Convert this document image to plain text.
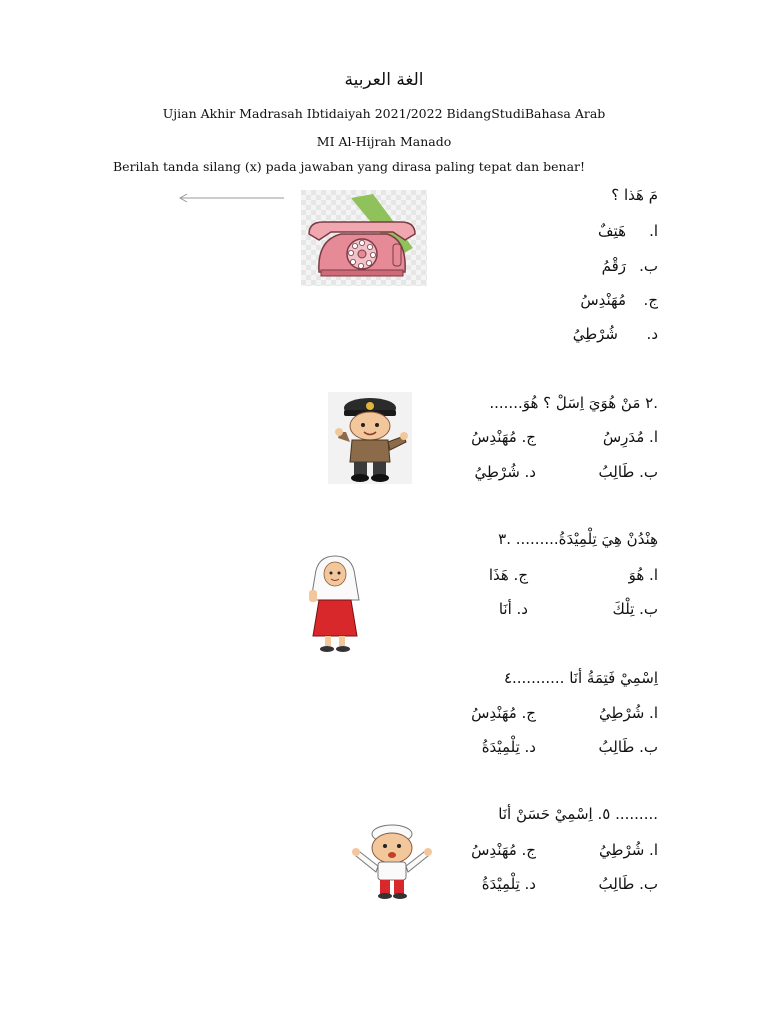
الغة العربية
Ujian Akhir Madrasah Ibtidaiyah 2021/2022 BidangStudiBahasa Arab
MI Al-Hijrah Manado
Berilah tanda silang (x) pada jawaban yang dirasa paling tepat dan benar!
مَ هَذا ؟
ا.
هَتِفٌ
ب.
رَقْمُ
ج.
مُهَنْدِسُ
د.
شُرْطِيُ
.٢ مَنْ هُوَيَ اِسَلْ ؟ هُوَ.......
ا. مُدَرِسُ
ج. مُهَنْدِسُ
ب. طَالِبُ
د. شُرْطِيُ
هِنْدُنْ هِيَ تِلْمِيْدَةُ......... .٣
ا. هُوَ
ج. هَذَا
ب. تِلْكَ
د. أنَا
اِسْمِيْ فَتِمَةُ أنَا ...........٤
ا. شُرْطِيُ
ج. مُهَنْدِسُ
ب. طَالِبُ
د. تِلْمِيْدَةُ
......... ٥. اِسْمِيْ حَسَنْ أنَا
ا. شُرْطِيُ
ج. مُهَنْدِسُ
ب. طَالِبُ
د. تِلْمِيْدَةُ
